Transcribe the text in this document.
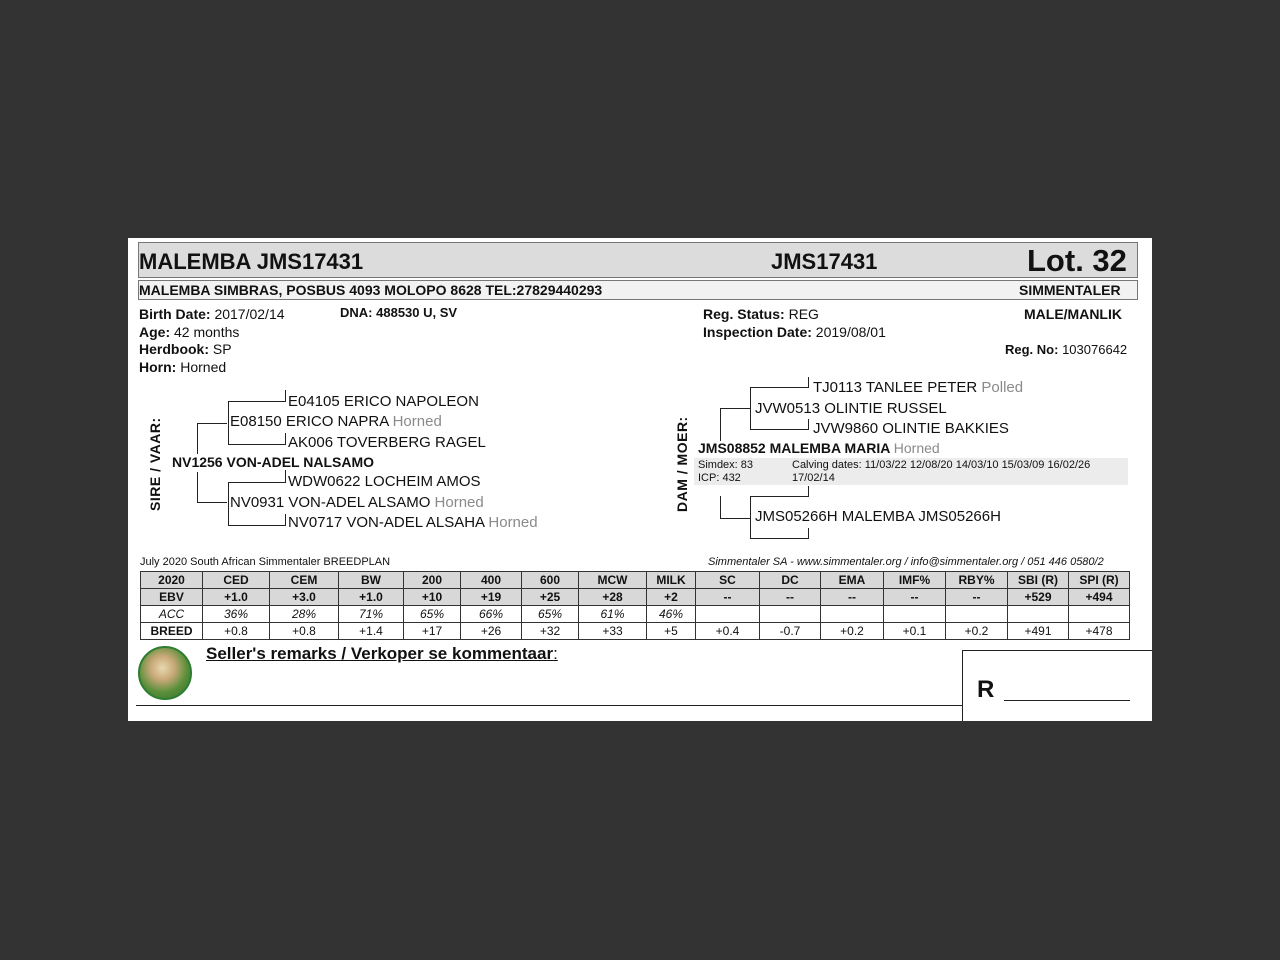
MALEMBA JMS17431	JMS17431	Lot. 32
MALEMBA SIMBRAS, POSBUS 4093 MOLOPO 8628 TEL:27829440293	SIMMENTALER
Birth Date: 2017/02/14	DNA: 488530 U, SV
Age: 42 months
Herdbook: SP
Horn: Horned
Reg. Status: REG
Inspection Date: 2019/08/01
MALE/MANLIK
Reg. No: 103076642
SIRE / VAAR: NV1256 VON-ADEL NALSAMO
E08150 ERICO NAPRA Horned
E04105 ERICO NAPOLEON
AK006 TOVERBERG RAGEL
NV0931 VON-ADEL ALSAMO Horned
WDW0622 LOCHEIM AMOS
NV0717 VON-ADEL ALSAHA Horned
DAM / MOER:
JVW0513 OLINTIE RUSSEL
TJ0113 TANLEE PETER Polled
JVW9860 OLINTIE BAKKIES
JMS08852 MALEMBA MARIA Horned
Simdex: 83
ICP: 432
Calving dates: 11/03/22 12/08/20 14/03/10 15/03/09 16/02/26
17/02/14
JMS05266H MALEMBA JMS05266H
July 2020 South African Simmentaler BREEDPLAN	Simmentaler SA - www.simmentaler.org / info@simmentaler.org / 051 446 0580/2
2020	CED	CEM	BW	200	400	600	MCW	MILK	SC	DC	EMA	IMF%	RBY%	SBI (R)	SPI (R)
EBV	+1.0	+3.0	+1.0	+10	+19	+25	+28	+2	--	--	--	--	--	+529	+494
ACC	36%	28%	71%	65%	66%	65%	61%	46%							
BREED	+0.8	+0.8	+1.4	+17	+26	+32	+33	+5	+0.4	-0.7	+0.2	+0.1	+0.2	+491	+478
Seller's remarks / Verkoper se kommentaar:
R
